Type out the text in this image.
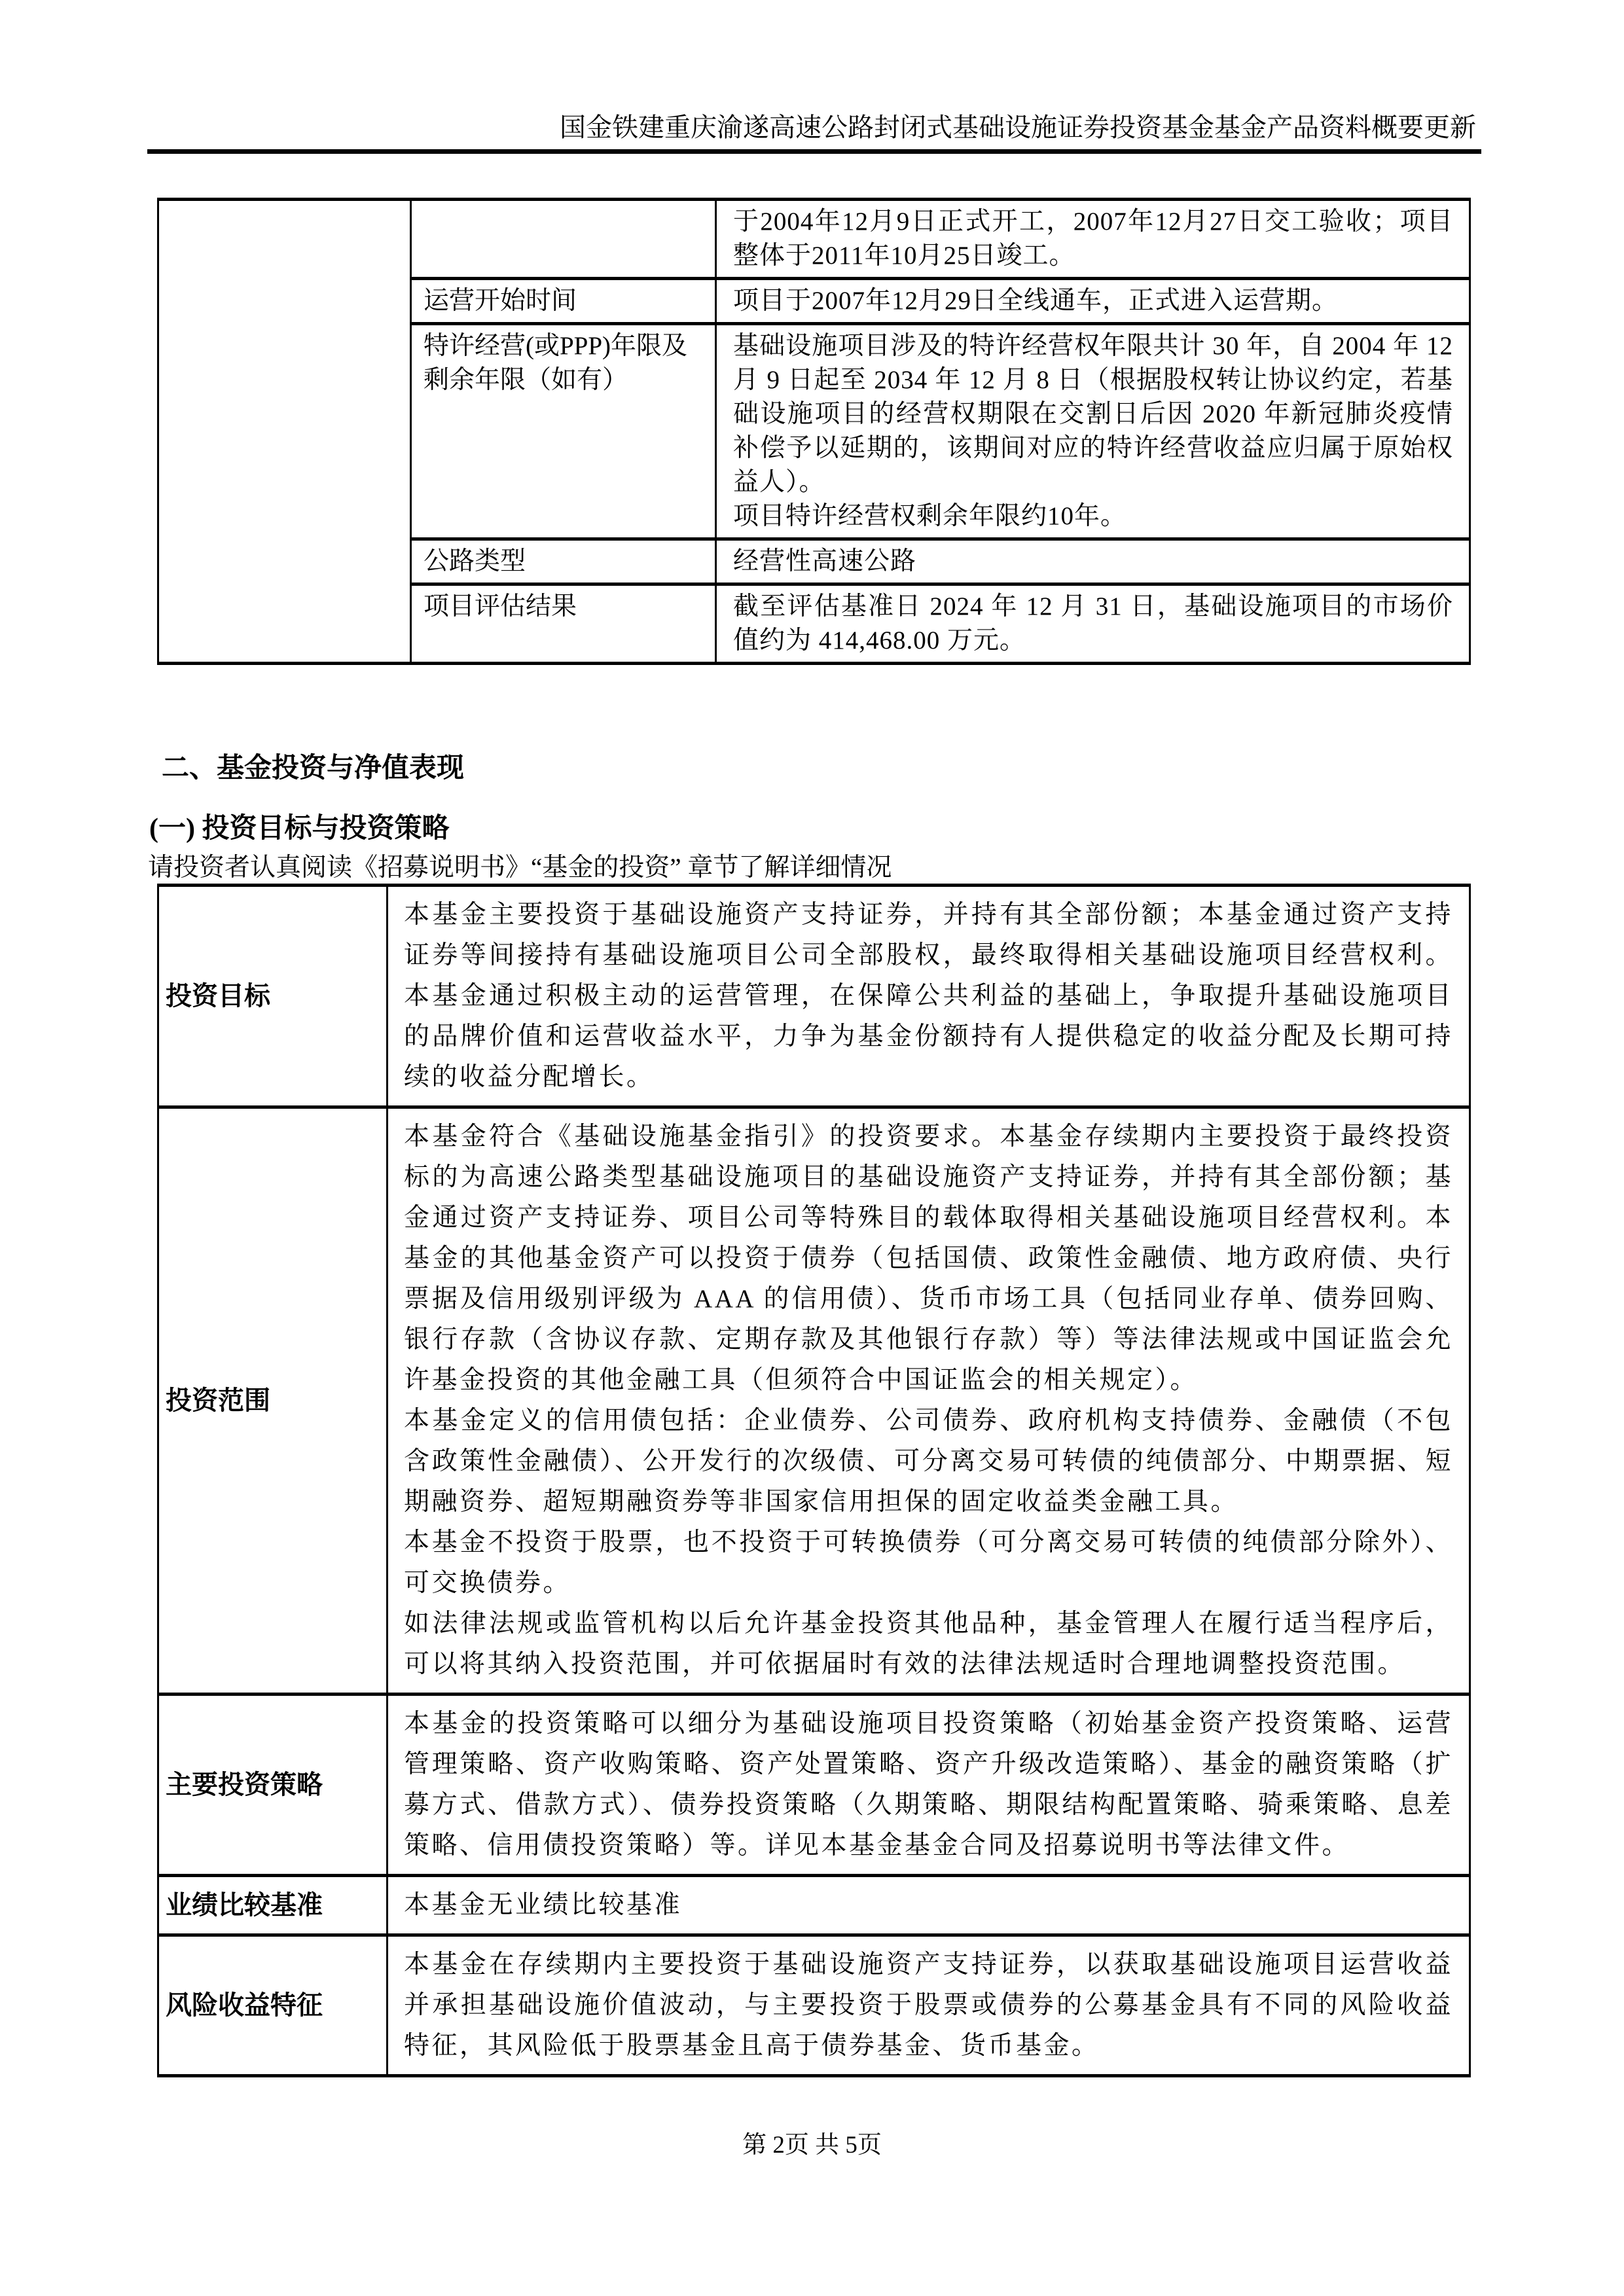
国金铁建重庆渝遂高速公路封闭式基础设施证券投资基金基金产品资料概要更新

		于2004年12月9日正式开工，2007年12月27日交工验收；项目整体于2011年10月25日竣工。

	运营开始时间	项目于2007年12月29日全线通车，正式进入运营期。

	特许经营(或PPP)年限及剩余年限（如有）	基础设施项目涉及的特许经营权年限共计 30 年，自 2004 年 12 月 9 日起至 2034 年 12 月 8 日（根据股权转让协议约定，若基础设施项目的经营权期限在交割日后因 2020 年新冠肺炎疫情补偿予以延期的，该期间对应的特许经营收益应归属于原始权益人）。

项目特许经营权剩余年限约10年。

	公路类型	经营性高速公路

	项目评估结果	截至评估基准日 2024 年 12 月 31 日，基础设施项目的市场价值约为 414,468.00 万元。

二、基金投资与净值表现
(一) 投资目标与投资策略
请投资者认真阅读《招募说明书》“基金的投资” 章节了解详细情况

投资目标	本基金主要投资于基础设施资产支持证券，并持有其全部份额；本基金通过资产支持证券等间接持有基础设施项目公司全部股权，最终取得相关基础设施项目经营权利。本基金通过积极主动的运营管理，在保障公共利益的基础上，争取提升基础设施项目的品牌价值和运营收益水平，力争为基金份额持有人提供稳定的收益分配及长期可持续的收益分配增长。

投资范围	本基金符合《基础设施基金指引》的投资要求。本基金存续期内主要投资于最终投资标的为高速公路类型基础设施项目的基础设施资产支持证券，并持有其全部份额；基金通过资产支持证券、项目公司等特殊目的载体取得相关基础设施项目经营权利。本基金的其他基金资产可以投资于债券（包括国债、政策性金融债、地方政府债、央行票据及信用级别评级为 AAA 的信用债）、货币市场工具（包括同业存单、债券回购、银行存款（含协议存款、定期存款及其他银行存款）等）等法律法规或中国证监会允许基金投资的其他金融工具（但须符合中国证监会的相关规定）。

本基金定义的信用债包括：企业债券、公司债券、政府机构支持债券、金融债（不包含政策性金融债）、公开发行的次级债、可分离交易可转债的纯债部分、中期票据、短期融资券、超短期融资券等非国家信用担保的固定收益类金融工具。

本基金不投资于股票，也不投资于可转换债券（可分离交易可转债的纯债部分除外）、可交换债券。

如法律法规或监管机构以后允许基金投资其他品种，基金管理人在履行适当程序后，可以将其纳入投资范围，并可依据届时有效的法律法规适时合理地调整投资范围。

主要投资策略	本基金的投资策略可以细分为基础设施项目投资策略（初始基金资产投资策略、运营管理策略、资产收购策略、资产处置策略、资产升级改造策略）、基金的融资策略（扩募方式、借款方式）、债券投资策略（久期策略、期限结构配置策略、骑乘策略、息差策略、信用债投资策略）等。详见本基金基金合同及招募说明书等法律文件。

业绩比较基准	本基金无业绩比较基准

风险收益特征	本基金在存续期内主要投资于基础设施资产支持证券，以获取基础设施项目运营收益并承担基础设施价值波动，与主要投资于股票或债券的公募基金具有不同的风险收益特征，其风险低于股票基金且高于债券基金、货币基金。

第 2页 共 5页
